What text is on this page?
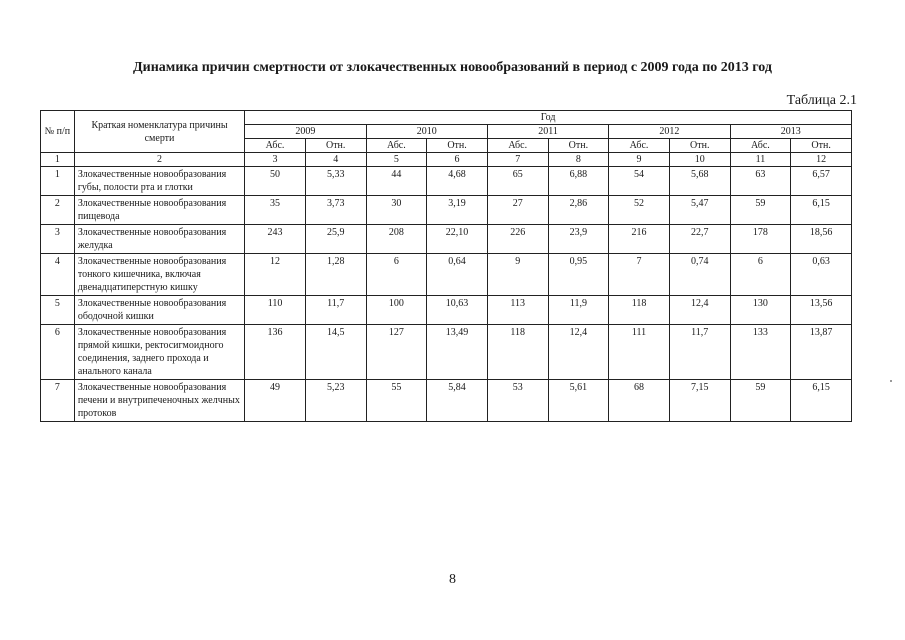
Динамика причин смертности от злокачественных новообразований в период с 2009 года по 2013 год
Таблица 2.1
№ п/п	Краткая номенклатура причины смерти	Год									
		2009		2010		2011		2012		2013	
		Абс.	Отн.	Абс.	Отн.	Абс.	Отн.	Абс.	Отн.	Абс.	Отн.
1	2	3	4	5	6	7	8	9	10	11	12
1	Злокачественные новообразования губы, полости рта и глотки	50	5,33	44	4,68	65	6,88	54	5,68	63	6,57
2	Злокачественные новообразования пищевода	35	3,73	30	3,19	27	2,86	52	5,47	59	6,15
3	Злокачественные новообразования желудка	243	25,9	208	22,10	226	23,9	216	22,7	178	18,56
4	Злокачественные новообразования тонкого кишечника, включая двенадцатиперстную кишку	12	1,28	6	0,64	9	0,95	7	0,74	6	0,63
5	Злокачественные новообразования ободочной кишки	110	11,7	100	10,63	113	11,9	118	12,4	130	13,56
6	Злокачественные новообразования прямой кишки, ректосигмоидного соединения, заднего прохода и анального канала	136	14,5	127	13,49	118	12,4	111	11,7	133	13,87
7	Злокачественные новообразования печени и внутрипеченочных желчных протоков	49	5,23	55	5,84	53	5,61	68	7,15	59	6,15
8
